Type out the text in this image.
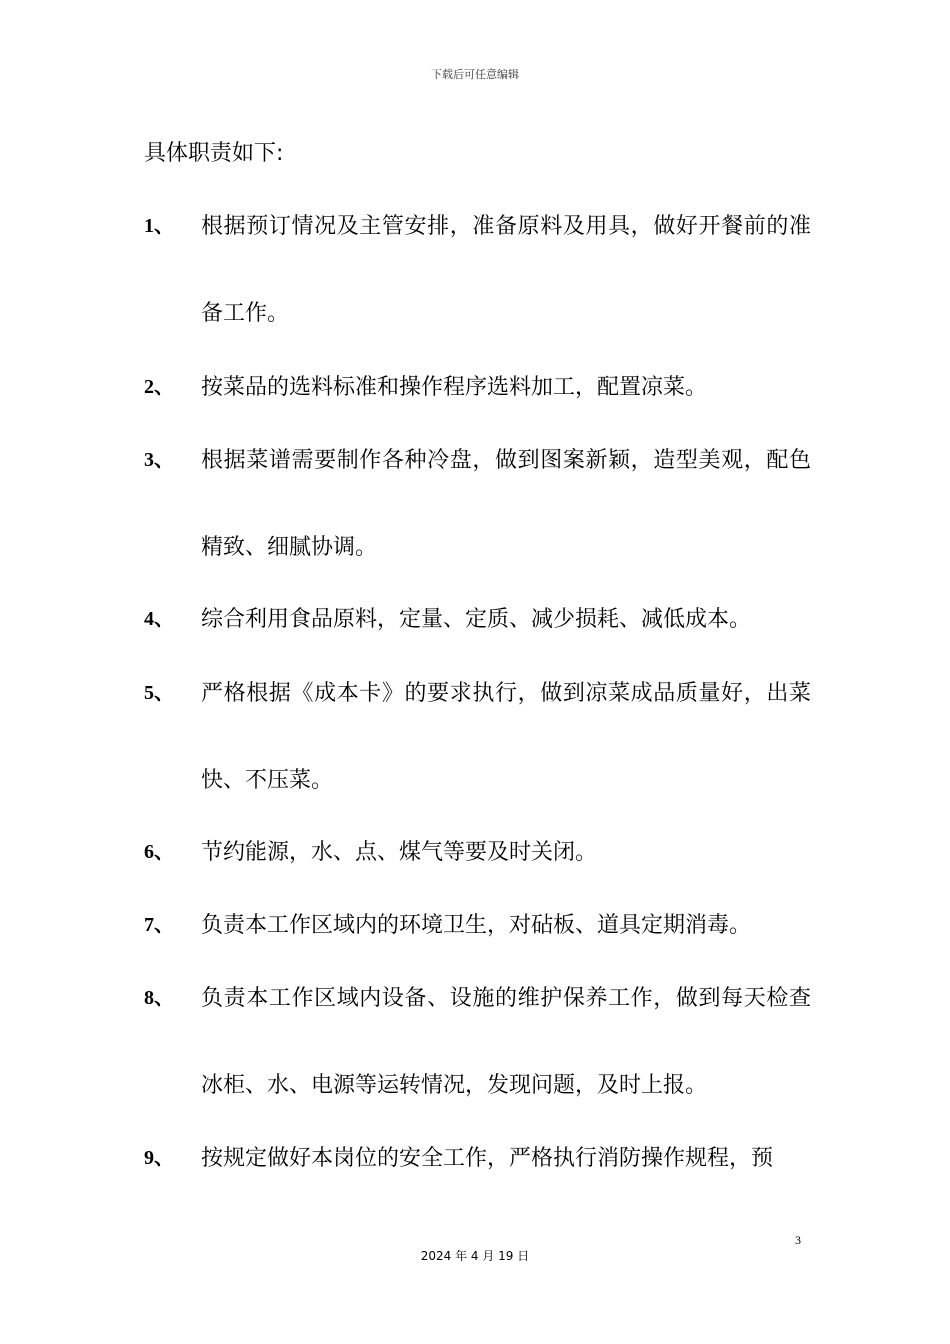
下载后可任意编辑
具体职责如下:
1、 根据预订情况及主管安排，准备原料及用具，做好开餐前的准备工作。
2、 按菜品的选料标准和操作程序选料加工，配置凉菜。
3、 根据菜谱需要制作各种冷盘，做到图案新颖，造型美观，配色精致、细腻协调。
4、 综合利用食品原料，定量、定质、减少损耗、减低成本。
5、 严格根据《成本卡》的要求执行，做到凉菜成品质量好，出菜快、不压菜。
6、 节约能源，水、点、煤气等要及时关闭。
7、 负责本工作区域内的环境卫生，对砧板、道具定期消毒。
8、 负责本工作区域内设备、设施的维护保养工作，做到每天检查冰柜、水、电源等运转情况，发现问题，及时上报。
9、 按规定做好本岗位的安全工作，严格执行消防操作规程，预
3
2024 年 4 月 19 日
